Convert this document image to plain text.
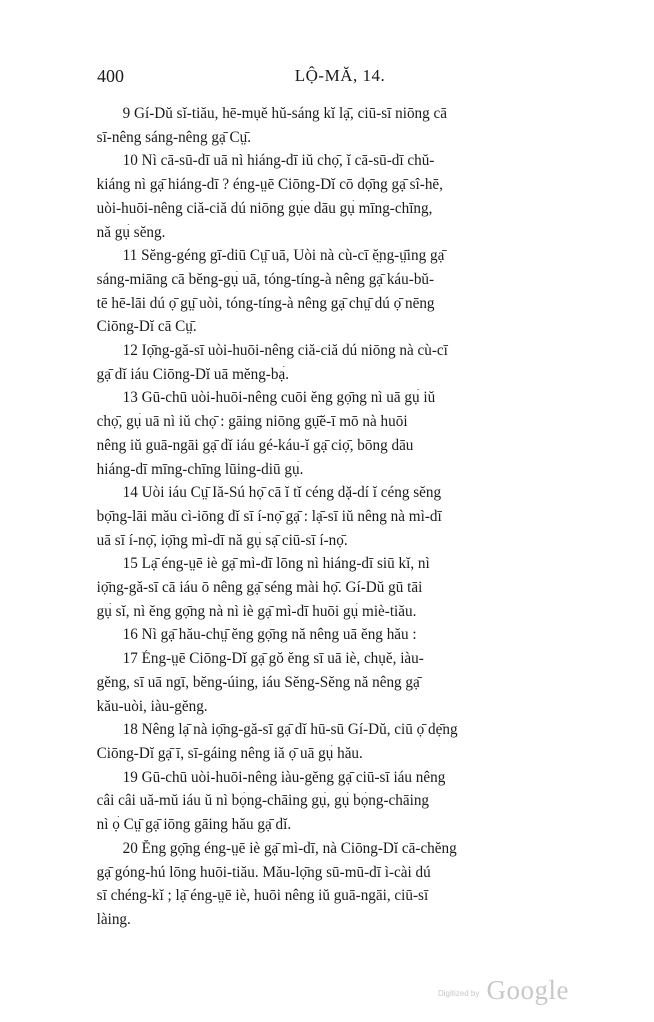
400	LỘ-MĂ, 14.

9 Gí-Dŭ sĭ-tiău, hē-mụĕ hŭ-sáng kĭ lạ̄, ciū-sī niōng cā sī-nêng sáng-nêng gạ̄ Cṳ̄.

10 Nì cā-sū-dī uā nì hiáng-dī iŭ chọ̄, ĭ cā-sū-dī chŭ- kiáng nì gạ̄ hiáng-dī ? éng-ṳē Ciōng-Dĭ cō dọ̄ng gạ̄ sî-hē, uòi-huōi-nêng ciă-ciă dú niōng gụ̀e dāu gụ̀ mīng-chīng, nă gụ̀ sĕng.

11 Sĕng-géng gī-diū Cṳ̄ uā, Uòi nà cù-cī ĕ̤ng-ṳ̄ing gạ̄ sáng-miāng cā bĕng-gụ̀ uā, tóng-tíng-à nêng gạ̄ káu-bŭ- tē hē-lāi dú ọ̄ gṳ̄ uòi, tóng-tíng-à nêng gạ̄ chṳ̄ dú ọ̄ nēng Ciōng-Dĭ cā Cṳ̄.

12 Iọ̄ng-gă-sī uòi-huōi-nêng ciă-ciă dú niōng nà cù-cī gạ̄ dĭ iáu Ciōng-Dĭ uā mĕng-bạ̀.

13 Gū-chū uòi-huōi-nêng cuōi ĕng gọ̄ng nì uā gụ̀ iŭ chọ̄, gụ̀ uā nì iŭ chọ̄ : gāing niōng gụ̄ĕ-ī mō nà huōi nêng iŭ guā-ngāi gạ̄ dĭ iáu gé-káu-ĭ gạ̄ ciọ̄, bōng dāu hiáng-dī mīng-chīng lūing-diū gụ̀.

14 Uòi iáu Cṳ̄ Iă-Sú họ̄ cā ĭ tĭ céng dặ-dí ĭ céng sĕng bọ̄ng-lāi mău cì-iōng dĭ sī í-nọ̄ gạ̄ : lạ̄-sī iŭ nêng nà mì-dī uā sī í-nọ̄, iọ̄ng mì-dī nă gụ̀ sạ̄ ciū-sī í-nọ̄.

15 Lạ̄ éng-ṳē iè gạ̄ mì-dī lōng nì hiáng-dī siū kĭ, nì iọ̄ng-gă-sī cā iáu ō nêng gạ̄ séng mài họ̄. Gí-Dŭ gū tāi gụ̀ sĭ, nì ĕng gọ̄ng nà nì iè gạ̄ mì-dī huōi gụ̀ miè-tiău.

16 Nì gạ̄ hău-chṳ̄ ĕng gọ̄ng nă nêng uā ĕng hău :

17 Éng-ṳē Ciōng-Dĭ gạ̄ gŏ ĕng sī uā iè, chụĕ, iàu- gĕng, sī uā ngī, bĕng-úing, iáu Sĕng-Sĕng nă nêng gạ̄ kău-uòi, iàu-gĕng.

18 Nêng lạ̄ nà iọ̄ng-gă-sī gạ̄ dĭ hū-sū Gí-Dŭ, ciū ọ̄ dẹ̄ng Ciōng-Dĭ gạ̄ ī, sī-gáing nêng iă ọ̄ uā gụ̀ hău.

19 Gū-chū uòi-huōi-nêng iàu-gĕng gạ̄ ciū-sī iáu nêng câi câi uă-mŭ iáu ŭ nì bọ́ng-chāing gụ̀, gụ̀ bọ́ng-chāing nì ọ̀ Cṳ̄ gạ̄ iōng gāing hău gạ̄ dĭ.

20 Ĕng gọ̄ng éng-ṳē iè gạ̄ mì-dī, nà Ciōng-Dĭ cā-chĕng gạ̄ góng-hú lōng huōi-tiău. Mău-lọ̄ng sū-mū-dī ì-cài dú sī chéng-kĭ ; lạ̄ éng-ṳē iè, huōi nêng iŭ guā-ngāi, ciū-sī làing.

Digitized by Google
